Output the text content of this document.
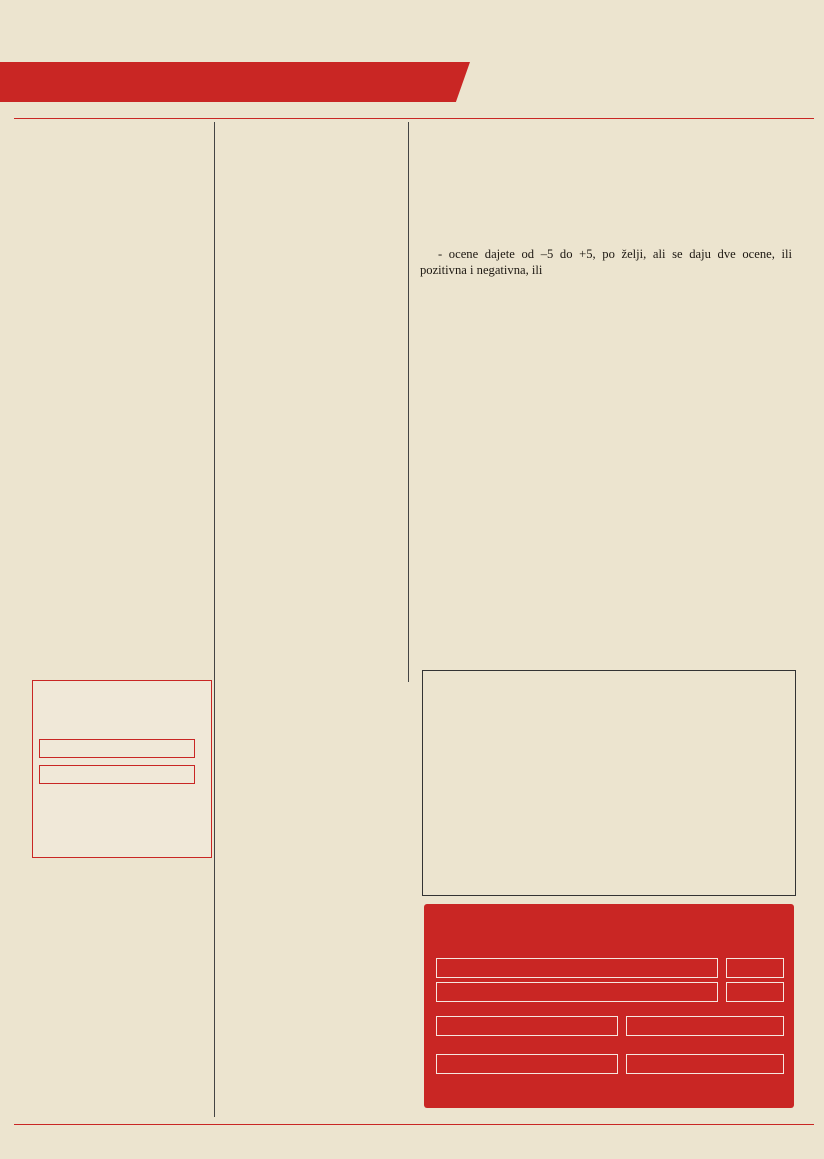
- ocene dajete od –5 do +5, po želji, ali se daju dve ocene, ili pozitivna i negativna, ili
